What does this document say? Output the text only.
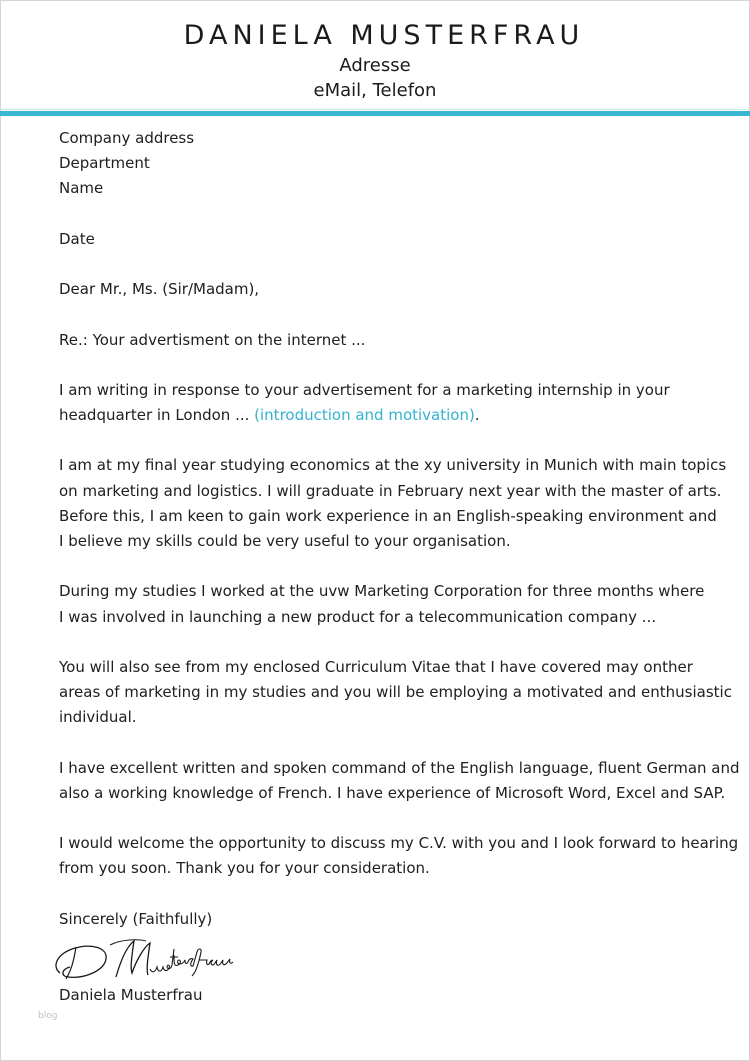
DANIELA MUSTERFRAU
Adresse
eMail, Telefon
Company address
Department
Name
Date
Dear Mr., Ms. (Sir/Madam),
Re.: Your advertisment on the internet ...
I am writing in response to your advertisement for a marketing internship in your
headquarter in London ... (introduction and motivation).
I am at my final year studying economics at the xy university in Munich with main topics
on marketing and logistics. I will graduate in February next year with the master of arts.
Before this, I am keen to gain work experience in an English-speaking environment and
I believe my skills could be very useful to your organisation.
During my studies I worked at the uvw Marketing Corporation for three months where
I was involved in launching a new product for a telecommunication company ...
You will also see from my enclosed Curriculum Vitae that I have covered may onther
areas of marketing in my studies and you will be employing a motivated and enthusiastic
individual.
I have excellent written and spoken command of the English language, fluent German and
also a working knowledge of French. I have experience of Microsoft Word, Excel and SAP.
I would welcome the opportunity to discuss my C.V. with you and I look forward to hearing
from you soon. Thank you for your consideration.
Sincerely (Faithfully)
Daniela Musterfrau
blog
